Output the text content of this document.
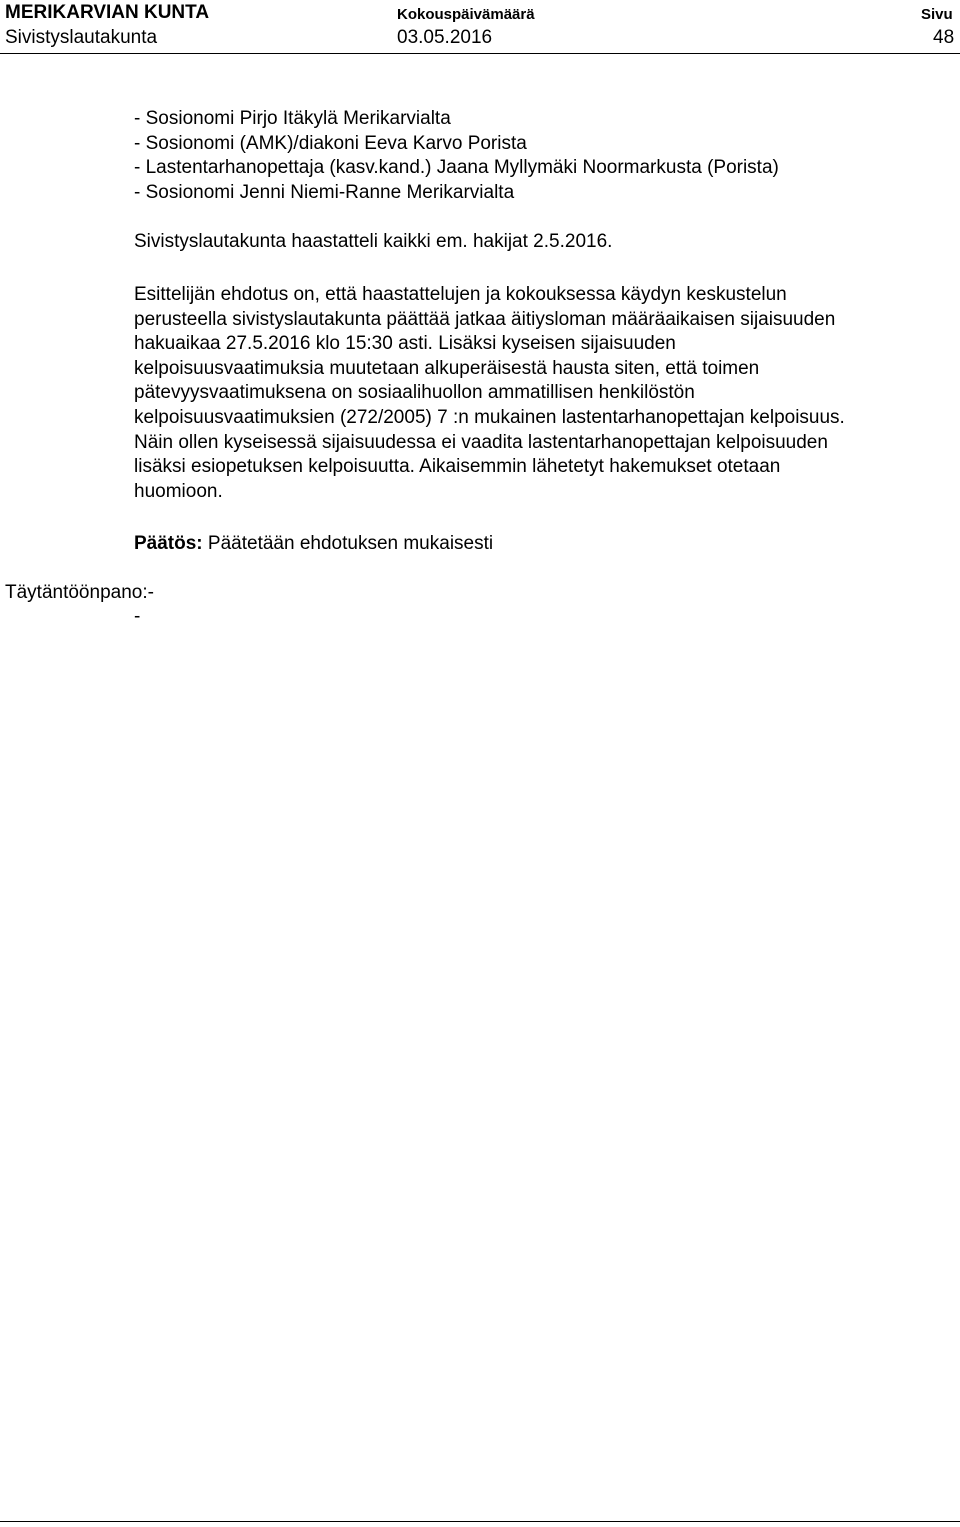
MERIKARVIAN KUNTA
Sivistyslautakunta
Kokouspäivämäärä
03.05.2016
Sivu
48
- Sosionomi Pirjo Itäkylä Merikarvialta
- Sosionomi (AMK)/diakoni Eeva Karvo Porista
- Lastentarhanopettaja (kasv.kand.) Jaana Myllymäki Noormarkusta (Porista)
- Sosionomi Jenni Niemi-Ranne Merikarvialta
Sivistyslautakunta haastatteli kaikki em. hakijat 2.5.2016.
Esittelijän ehdotus on, että haastattelujen ja kokouksessa käydyn keskustelun
perusteella sivistyslautakunta päättää jatkaa äitiysloman määräaikaisen sijaisuuden
hakuaikaa 27.5.2016 klo 15:30 asti. Lisäksi kyseisen sijaisuuden
kelpoisuusvaatimuksia muutetaan alkuperäisestä hausta siten, että toimen
pätevyysvaatimuksena on sosiaalihuollon ammatillisen henkilöstön
kelpoisuusvaatimuksien (272/2005) 7 :n mukainen lastentarhanopettajan kelpoisuus.
Näin ollen kyseisessä sijaisuudessa ei vaadita lastentarhanopettajan kelpoisuuden
lisäksi esiopetuksen kelpoisuutta. Aikaisemmin lähetetyt hakemukset otetaan
huomioon.
Päätös: Päätetään ehdotuksen mukaisesti
Täytäntöönpano:-
-
